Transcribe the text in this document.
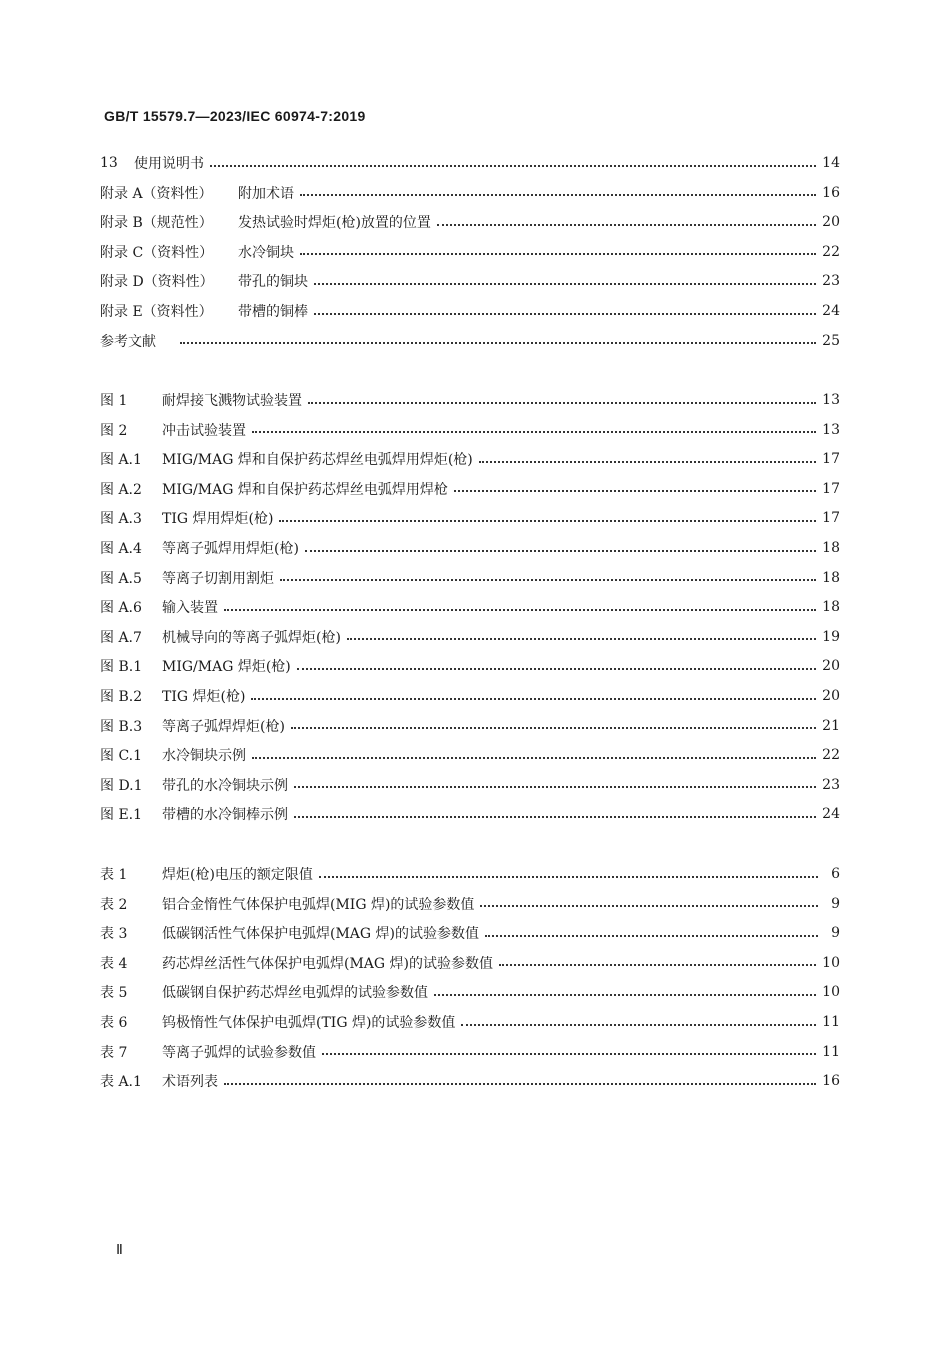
GB/T 15579.7—2023/IEC 60974-7:2019
13	使用说明书	14
附录 A（资料性）	附加术语	16
附录 B（规范性）	发热试验时焊炬(枪)放置的位置	20
附录 C（资料性）	水冷铜块	22
附录 D（资料性）	带孔的铜块	23
附录 E（资料性）	带槽的铜棒	24
参考文献	25
图 1	耐焊接飞溅物试验装置	13
图 2	冲击试验装置	13
图 A.1	MIG/MAG 焊和自保护药芯焊丝电弧焊用焊炬(枪)	17
图 A.2	MIG/MAG 焊和自保护药芯焊丝电弧焊用焊枪	17
图 A.3	TIG 焊用焊炬(枪)	17
图 A.4	等离子弧焊用焊炬(枪)	18
图 A.5	等离子切割用割炬	18
图 A.6	输入装置	18
图 A.7	机械导向的等离子弧焊炬(枪)	19
图 B.1	MIG/MAG 焊炬(枪)	20
图 B.2	TIG 焊炬(枪)	20
图 B.3	等离子弧焊焊炬(枪)	21
图 C.1	水冷铜块示例	22
图 D.1	带孔的水冷铜块示例	23
图 E.1	带槽的水冷铜棒示例	24
表 1	焊炬(枪)电压的额定限值	6
表 2	铝合金惰性气体保护电弧焊(MIG 焊)的试验参数值	9
表 3	低碳钢活性气体保护电弧焊(MAG 焊)的试验参数值	9
表 4	药芯焊丝活性气体保护电弧焊(MAG 焊)的试验参数值	10
表 5	低碳钢自保护药芯焊丝电弧焊的试验参数值	10
表 6	钨极惰性气体保护电弧焊(TIG 焊)的试验参数值	11
表 7	等离子弧焊的试验参数值	11
表 A.1	术语列表	16
Ⅱ
